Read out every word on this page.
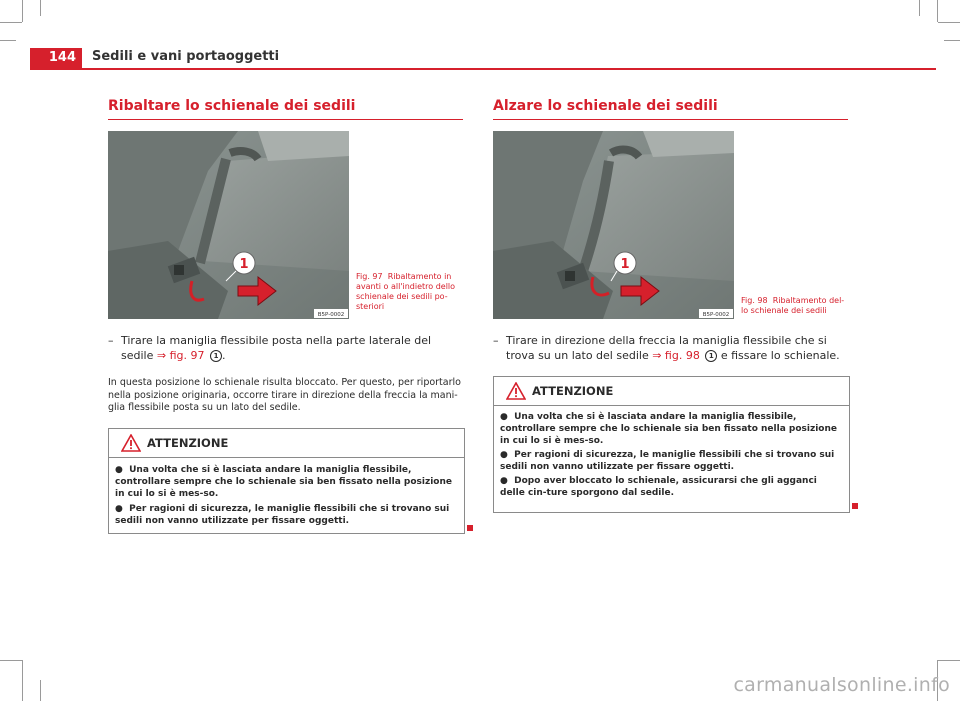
144	Sedili e vani portaoggetti
Ribaltare lo schienale dei sedili
1
B5P-0002
Fig. 97 Ribaltamento in avanti o all'indietro dello schienale dei sedili po-steriori
– Tirare la maniglia flessibile posta nella parte laterale del sedile ⇒ fig. 97 1 .
In questa posizione lo schienale risulta bloccato. Per questo, per riportarlo nella posizione originaria, occorre tirare in direzione della freccia la mani-glia flessibile posta su un lato del sedile.
ATTENZIONE
●  Una volta che si è lasciata andare la maniglia flessibile, controllare sempre che lo schienale sia ben fissato nella posizione in cui lo si è mes-so.
●  Per ragioni di sicurezza, le maniglie flessibili che si trovano sui sedili non vanno utilizzate per fissare oggetti.
Alzare lo schienale dei sedili
1
B5P-0002
Fig. 98 Ribaltamento del-lo schienale dei sedili
– Tirare in direzione della freccia la maniglia flessibile che si trova su un lato del sedile ⇒ fig. 98 1 e fissare lo schienale.
ATTENZIONE
●  Una volta che si è lasciata andare la maniglia flessibile, controllare sempre che lo schienale sia ben fissato nella posizione in cui lo si è mes-so.
●  Per ragioni di sicurezza, le maniglie flessibili che si trovano sui sedili non vanno utilizzate per fissare oggetti.
●  Dopo aver bloccato lo schienale, assicurarsi che gli agganci delle cin-ture sporgono dal sedile.
carmanualsonline.info
